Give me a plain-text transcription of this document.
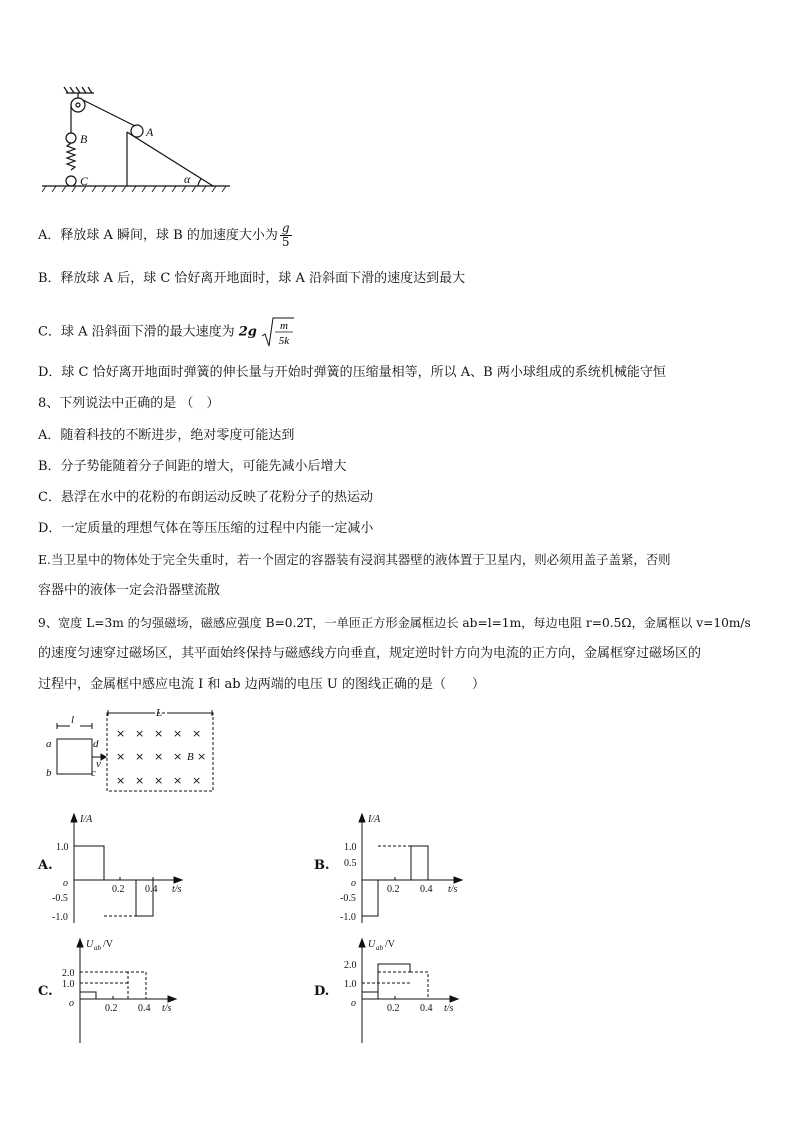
B
C
A
α
A．释放球 A 瞬间，球 B 的加速度大小为 $\frac{g}{5}$
B．释放球 A 后，球 C 恰好离开地面时，球 A 沿斜面下滑的速度达到最大
C．球 A 沿斜面下滑的最大速度为 2g m
5k
D．球 C 恰好离开地面时弹簧的伸长量与开始时弹簧的压缩量相等，所以 A、B 两小球组成的系统机械能守恒
8、下列说法中正确的是 （　）
A．随着科技的不断进步，绝对零度可能达到
B．分子势能随着分子间距的增大，可能先减小后增大
C．悬浮在水中的花粉的布朗运动反映了花粉分子的热运动
D．一定质量的理想气体在等压压缩的过程中内能一定减小
E.当卫星中的物体处于完全失重时，若一个固定的容器装有浸润其器壁的液体置于卫星内，则必须用盖子盖紧，否则
容器中的液体一定会沿器壁流散
9、宽度 L=3m 的匀强磁场，磁感应强度 B=0.2T，一单匝正方形金属框边长 ab=l=1m，每边电阻 r=0.5Ω，金属框以 v=10m/s
的速度匀速穿过磁场区，其平面始终保持与磁感线方向垂直，规定逆时针方向为电流的正方向，金属框穿过磁场区的
过程中，金属框中感应电流 I 和 ab 边两端的电压 U 的图线正确的是（　　）
l
L
a
b
d
c
v
B
× × × × ×
× × × × ×
× × × × ×
A.
I/A
1.0
o
-0.5
-1.0
0.2 0.4 t/s
B.
I/A
1.0
0.5
o
-0.5
-1.0
0.2 0.4 t/s
C.
U ab /V
2.0
1.0
o	0.2 0.4 t/s
D.
U ab /V
2.0
1.0
o	0.2 0.4 t/s
